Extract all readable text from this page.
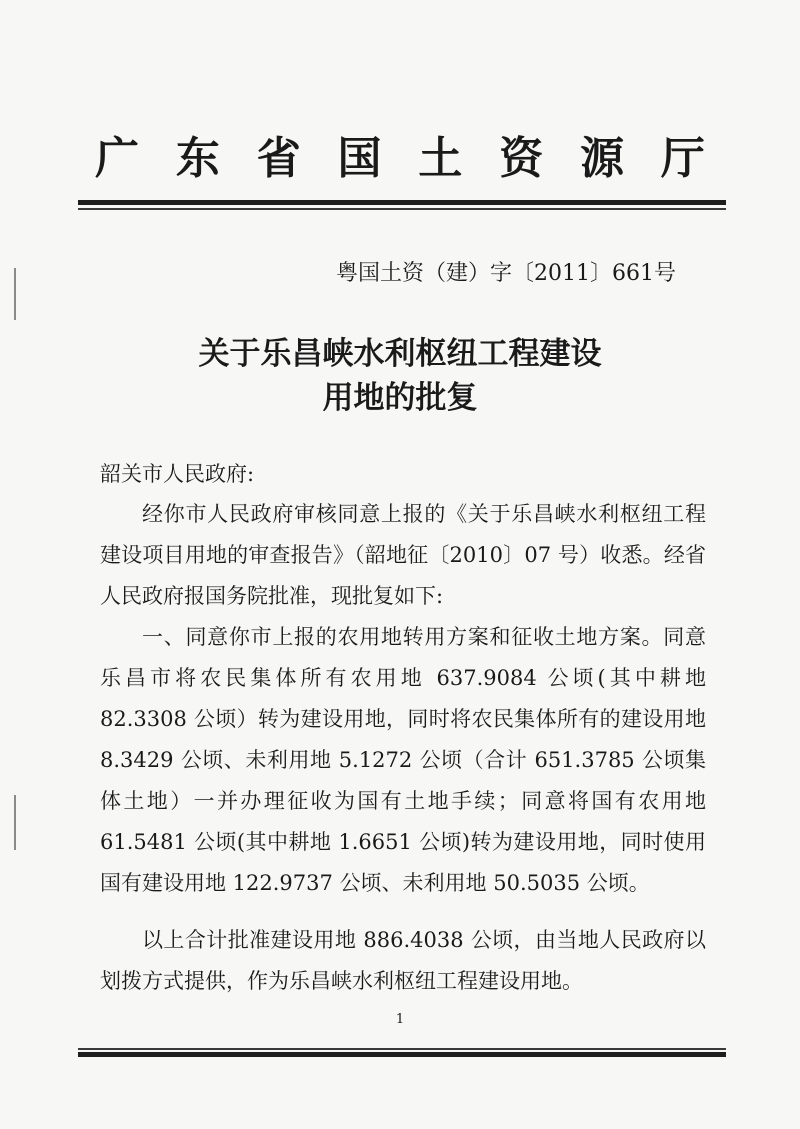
广 东 省 国 土 资 源 厅
粤国土资（建）字〔2011〕661号
关于乐昌峡水利枢纽工程建设
用地的批复
韶关市人民政府:

经你市人民政府审核同意上报的《关于乐昌峡水利枢纽工程建设项目用地的审查报告》（韶地征〔2010〕07 号）收悉。经省人民政府报国务院批准，现批复如下:

一、同意你市上报的农用地转用方案和征收土地方案。同意乐昌市将农民集体所有农用地 637.9084 公顷(其中耕地 82.3308 公顷）转为建设用地，同时将农民集体所有的建设用地 8.3429 公顷、未利用地 5.1272 公顷（合计 651.3785 公顷集体土地）一并办理征收为国有土地手续；同意将国有农用地 61.5481 公顷(其中耕地 1.6651 公顷)转为建设用地，同时使用国有建设用地 122.9737 公顷、未利用地 50.5035 公顷。

以上合计批准建设用地 886.4038 公顷，由当地人民政府以划拨方式提供，作为乐昌峡水利枢纽工程建设用地。

1
